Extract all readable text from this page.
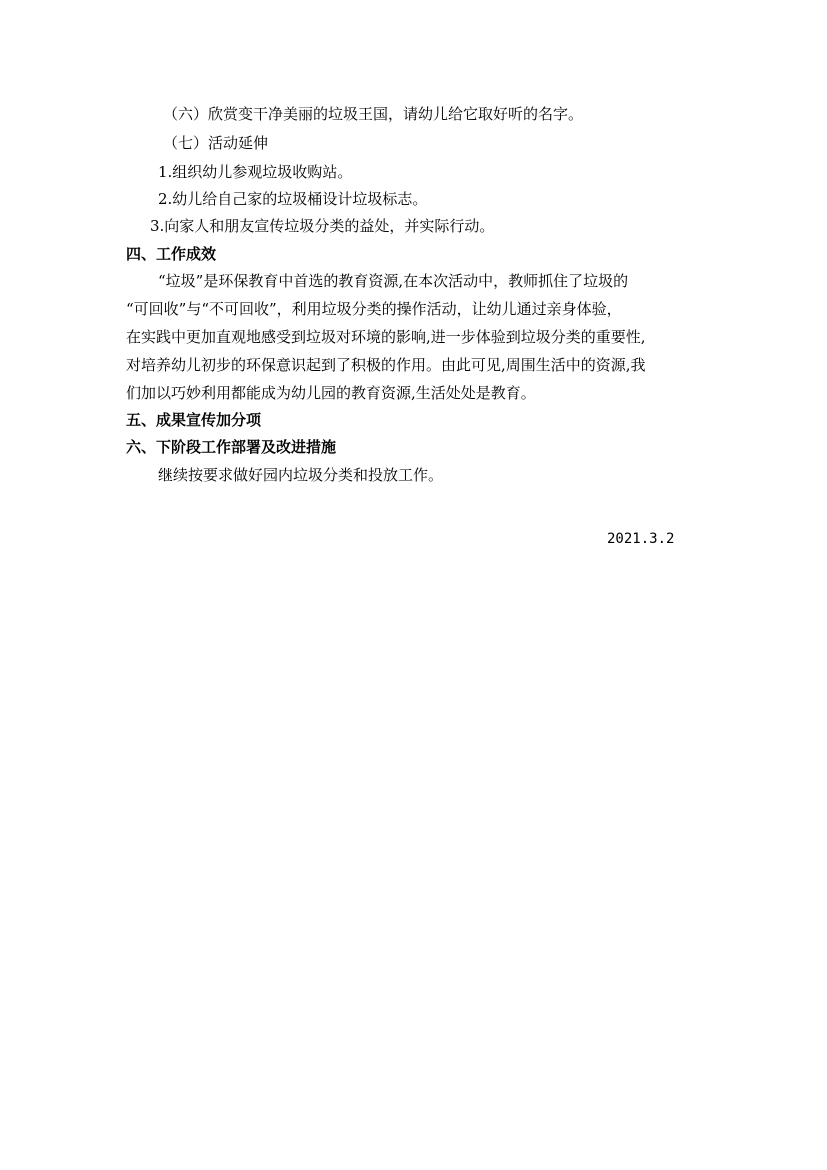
（六）欣赏变干净美丽的垃圾王国，请幼儿给它取好听的名字。
（七）活动延伸
1.组织幼儿参观垃圾收购站。
2.幼儿给自己家的垃圾桶设计垃圾标志。
3.向家人和朋友宣传垃圾分类的益处，并实际行动。
四、工作成效
“垃圾”是环保教育中首选的教育资源,在本次活动中，教师抓住了垃圾的
“可回收”与“不可回收”，利用垃圾分类的操作活动，让幼儿通过亲身体验，
在实践中更加直观地感受到垃圾对环境的影响,进一步体验到垃圾分类的重要性,
对培养幼儿初步的环保意识起到了积极的作用。由此可见,周围生活中的资源,我
们加以巧妙利用都能成为幼儿园的教育资源,生活处处是教育。
五、成果宣传加分项
六、下阶段工作部署及改进措施
继续按要求做好园内垃圾分类和投放工作。
2021.3.2
